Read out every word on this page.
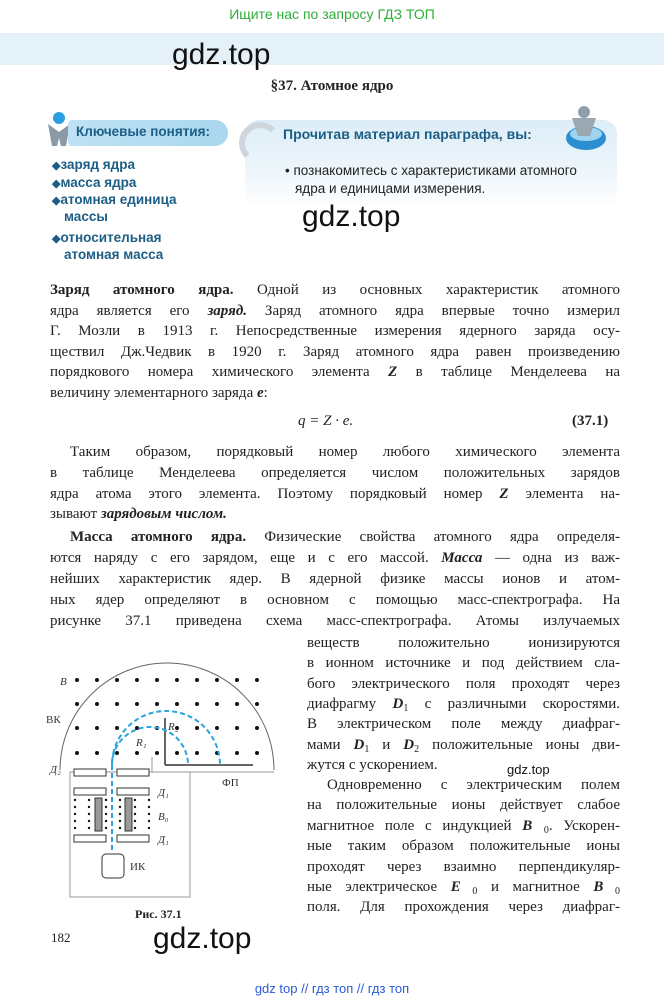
Ищите нас по запросу ГДЗ ТОП
gdz.top
§37. Атомное ядро
Ключевые понятия:
◆заряд ядра
◆масса ядра
◆атомная единица
массы
◆относительная
атомная масса
Прочитав материал параграфа, вы:
• познакомитесь с характеристиками атомного
ядра и единицами измерения.
gdz.top
Заряд атомного ядра. Одной из основных характеристик атомного
ядра является его заряд. Заряд атомного ядра впервые точно измерил
Г. Мозли в 1913 г. Непосредственные измерения ядерного заряда осу-
ществил Дж.Чедвик в 1920 г. Заряд атомного ядра равен произведению
порядкового номера химического элемента Z в таблице Менделеева на
величину элементарного заряда e:
Таким образом, порядковый номер любого химического элемента
в таблице Менделеева определяется числом положительных зарядов
ядра атома этого элемента. Поэтому порядковый номер Z элемента на-
зывают зарядовым числом.
Масса атомного ядра. Физические свойства атомного ядра определя-
ются наряду с его зарядом, еще и с его массой. Масса — одна из важ-
нейших характеристик ядер. В ядерной физике массы ионов и атом-
ных ядер определяют в основном с помощью масс-спектрографа. На
рисунке 37.1 приведена схема масс-спектрографа. Атомы излучаемых
веществ положительно ионизируются
в ионном источнике и под действием сла-
бого электрического поля проходят через
диафрагму $D_1$ с различными скоростями.
В электрическом поле между диафраг-
мами $D_1$ и $D_2$ положительные ионы дви-
жутся с ускорением.
Одновременно с электрическим полем
на положительные ионы действует слабое
магнитное поле с индукцией $B⃗_0$. Ускорен-
ные таким образом положительные ионы
проходят через взаимно перпендикуляр-
ные электрическое $E⃗_0$ и магнитное $B⃗_0$
поля. Для прохождения через диафраг-
q = Z · e.	(37.1)
gdz.top
B
ВК
Д₂
ФП
R₁
R₂
Д₁
B₀
Д₁
ИК
Рис. 37.1
182	gdz.top
gdz top // гдз топ // гдз топ
